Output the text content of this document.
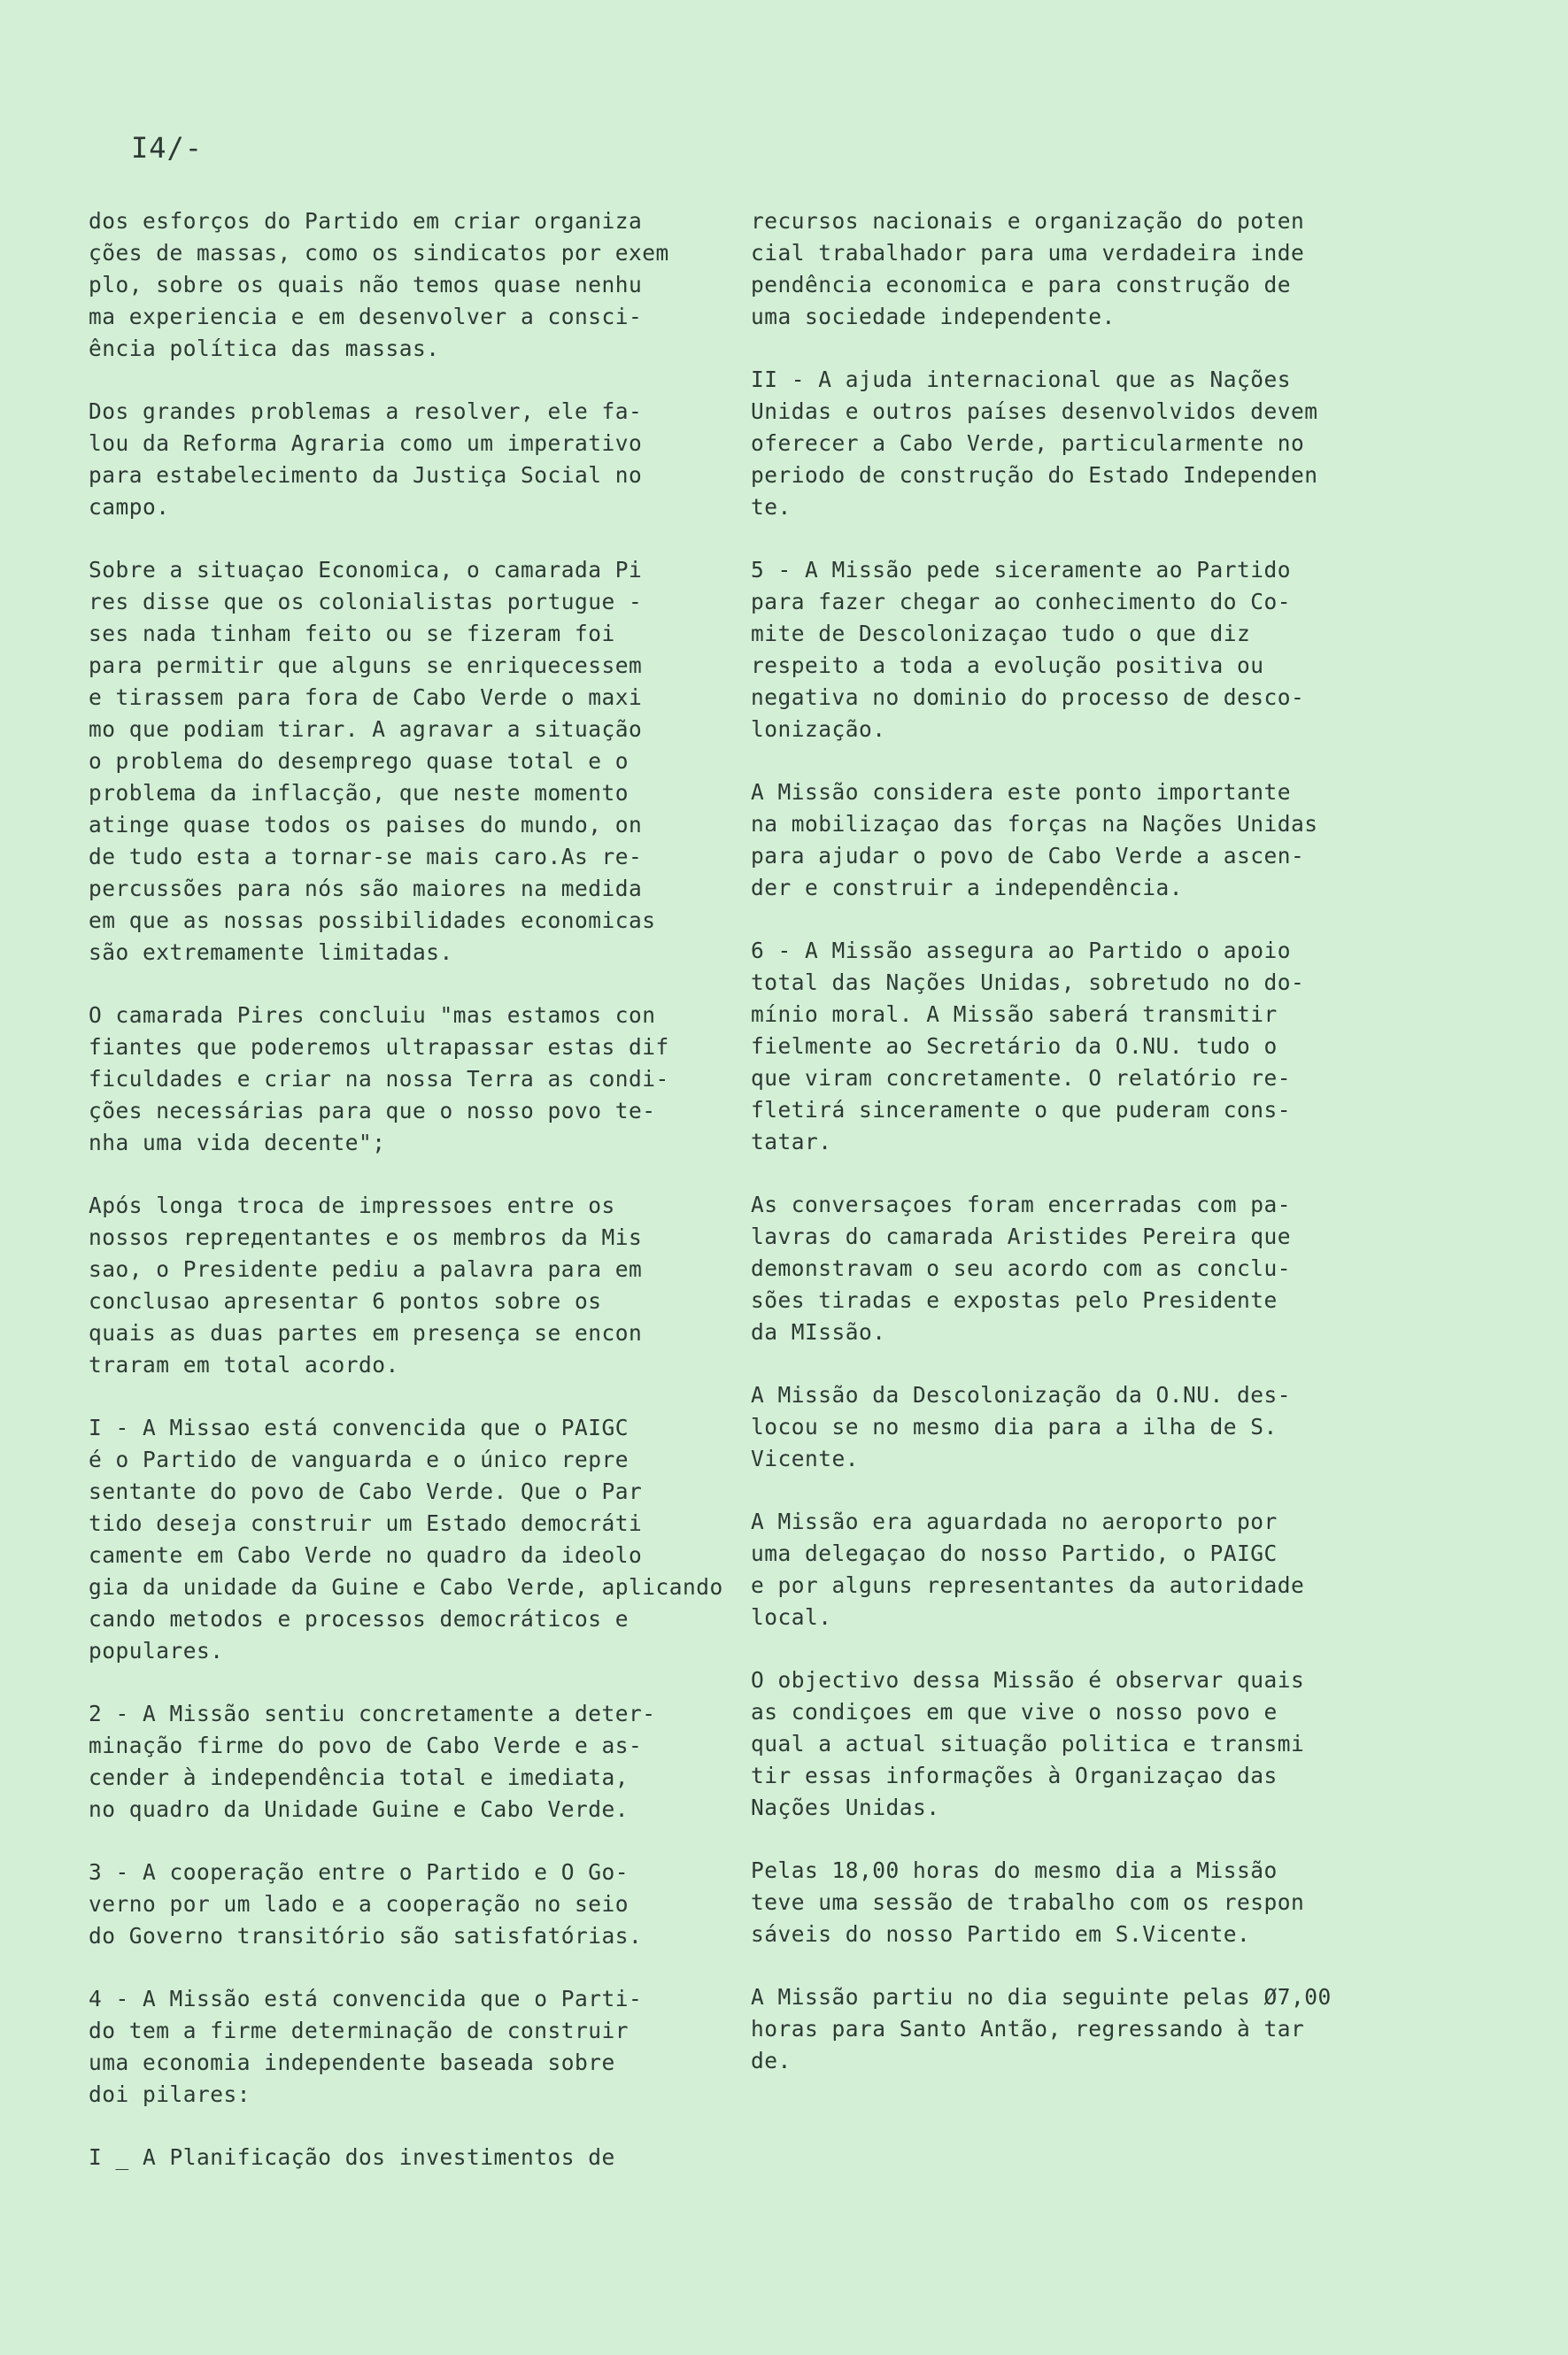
I4/-
dos esforços do Partido em criar organiza
ções de massas, como os sindicatos por exem
plo, sobre os quais não temos quase nenhu
ma experiencia e em desenvolver a consci-
ência política das massas.
Dos grandes problemas a resolver, ele fa-
lou da Reforma Agraria como um imperativo
para estabelecimento da Justiça Social no
campo.
Sobre a situaçao Economica, o camarada Pi
res disse que os colonialistas portugue -
ses nada tinham feito ou se fizeram foi
para permitir que alguns se enriquecessem
e tirassem para fora de Cabo Verde o maxi
mo que podiam tirar. A agravar a situação
o problema do desemprego quase total e o
problema da inflacção, que neste momento
atinge quase todos os paises do mundo, on
de tudo esta a tornar-se mais caro.As re-
percussões para nós são maiores na medida
em que as nossas possibilidades economicas
são extremamente limitadas.
O camarada Pires concluiu "mas estamos con
fiantes que poderemos ultrapassar estas dif
ficuldades e criar na nossa Terra as condi-
ções necessárias para que o nosso povo te-
nha uma vida decente";
Após longa troca de impressoes entre os
nossos reprедentantes e os membros da Mis
sao, o Presidente pediu a palavra para em
conclusao apresentar 6 pontos sobre os
quais as duas partes em presença se encon
traram em total acordo.
I - A Missao está convencida que o PAIGC
é o Partido de vanguarda e o único repre
sentante do povo de Cabo Verde. Que o Par
tido deseja construir um Estado democráti
camente em Cabo Verde no quadro da ideolo
gia da unidade da Guine e Cabo Verde, aplicando
cando metodos e processos democráticos e
populares.
2 - A Missão sentiu concretamente a deter-
minação firme do povo de Cabo Verde e as-
cender à independência total e imediata,
no quadro da Unidade Guine e Cabo Verde.
3 - A cooperação entre o Partido e O Go-
verno por um lado e a cooperação no seio
do Governo transitório são satisfatórias.
4 - A Missão está convencida que o Parti-
do tem a firme determinação de construir
uma economia independente baseada sobre
doi pilares:
I _ A Planificação dos investimentos de
recursos nacionais e organização do poten
cial trabalhador para uma verdadeira inde
pendência economica e para construção de
uma sociedade independente.
II - A ajuda internacional que as Nações
Unidas e outros países desenvolvidos devem
oferecer a Cabo Verde, particularmente no
periodo de construção do Estado Independen
te.
5 - A Missão pede siceramente ao Partido
para fazer chegar ao conhecimento do Co-
mite de Descolonizaçao tudo o que diz
respeito a toda a evolução positiva ou
negativa no dominio do processo de desco-
lonização.
A Missão considera este ponto importante
na mobilizaçao das forças na Nações Unidas
para ajudar o povo de Cabo Verde a ascen-
der e construir a independência.
6 - A Missão assegura ao Partido o apoio
total das Nações Unidas, sobretudo no do-
mínio moral. A Missão saberá transmitir
fielmente ao Secretário da O.NU. tudo o
que viram concretamente. O relatório re-
fletirá sinceramente o que puderam cons-
tatar.
As conversaçoes foram encerradas com pa-
lavras do camarada Aristides Pereira que
demonstravam o seu acordo com as conclu-
sões tiradas e expostas pelo Presidente
da MIssão.
A Missão da Descolonização da O.NU. des-
locou se no mesmo dia para a ilha de S.
Vicente.
A Missão era aguardada no aeroporto por
uma delegaçao do nosso Partido, o PAIGC
e por alguns representantes da autoridade
local.
O objectivo dessa Missão é observar quais
as condiçoes em que vive o nosso povo e
qual a actual situação politica e transmi
tir essas informações à Organizaçao das
Nações Unidas.
Pelas 18,00 horas do mesmo dia a Missão
teve uma sessão de trabalho com os respon
sáveis do nosso Partido em S.Vicente.
A Missão partiu no dia seguinte pelas Ø7,00
horas para Santo Antão, regressando à tar
de.
